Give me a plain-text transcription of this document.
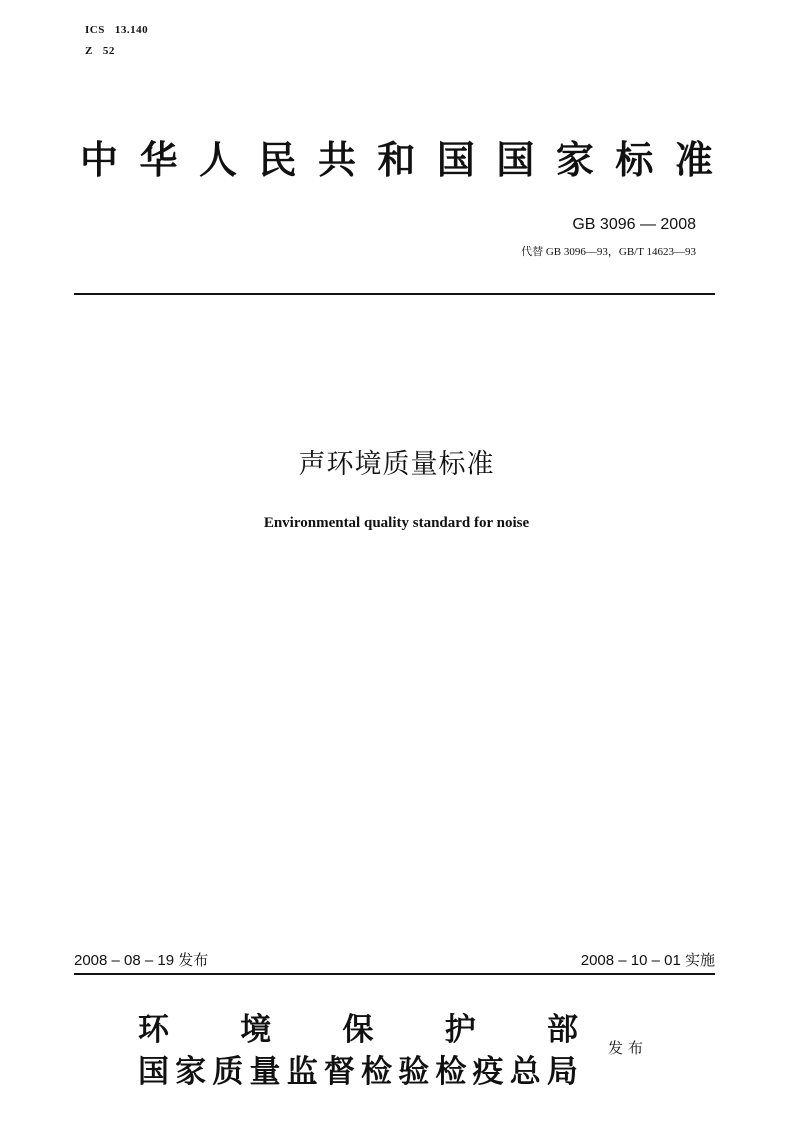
ICS 13.140
Z 52
中 华 人 民 共 和 国 国 家 标 准
GB 3096 — 2008
代替 GB 3096—93，GB/T 14623—93
声环境质量标准
Environmental quality standard for noise
2008 – 08 – 19 发布	2008 – 10 – 01 实施
环 境 保 护 部
国 家 质 量 监 督 检 验 检 疫 总 局
发布
